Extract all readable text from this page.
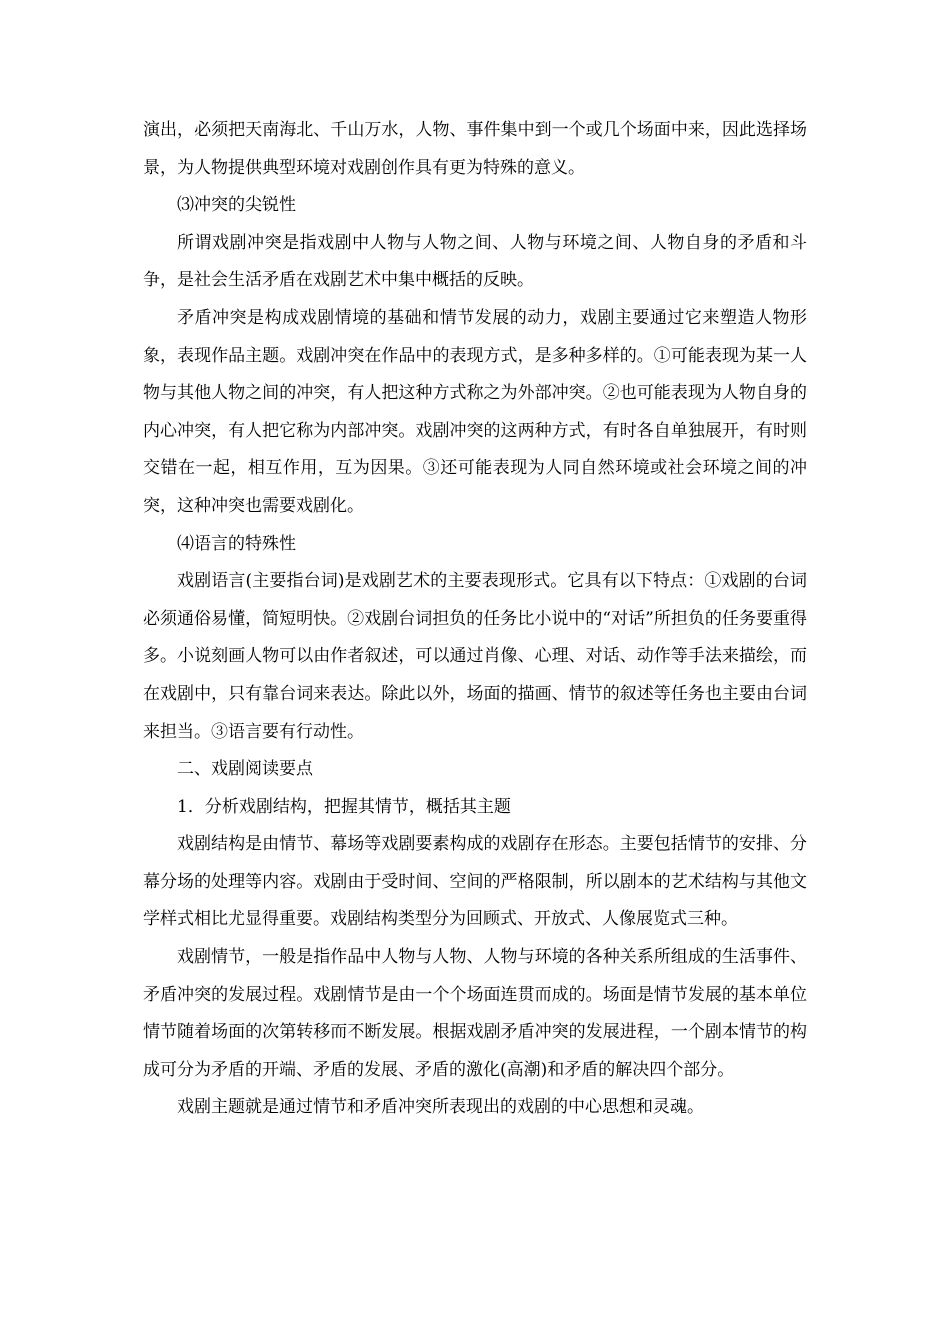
演出，必须把天南海北、千山万水，人物、事件集中到一个或几个场面中来，因此选择场景，为人物提供典型环境对戏剧创作具有更为特殊的意义。

⑶冲突的尖锐性

所谓戏剧冲突是指戏剧中人物与人物之间、人物与环境之间、人物自身的矛盾和斗争，是社会生活矛盾在戏剧艺术中集中概括的反映。

矛盾冲突是构成戏剧情境的基础和情节发展的动力，戏剧主要通过它来塑造人物形象，表现作品主题。戏剧冲突在作品中的表现方式，是多种多样的。①可能表现为某一人物与其他人物之间的冲突，有人把这种方式称之为外部冲突。②也可能表现为人物自身的内心冲突，有人把它称为内部冲突。戏剧冲突的这两种方式，有时各自单独展开，有时则交错在一起，相互作用，互为因果。③还可能表现为人同自然环境或社会环境之间的冲突，这种冲突也需要戏剧化。

⑷语言的特殊性

戏剧语言(主要指台词)是戏剧艺术的主要表现形式。它具有以下特点：①戏剧的台词必须通俗易懂，简短明快。②戏剧台词担负的任务比小说中的“对话”所担负的任务要重得多。小说刻画人物可以由作者叙述，可以通过肖像、心理、对话、动作等手法来描绘，而在戏剧中，只有靠台词来表达。除此以外，场面的描画、情节的叙述等任务也主要由台词来担当。③语言要有行动性。

二、戏剧阅读要点

1．分析戏剧结构，把握其情节，概括其主题

戏剧结构是由情节、幕场等戏剧要素构成的戏剧存在形态。主要包括情节的安排、分幕分场的处理等内容。戏剧由于受时间、空间的严格限制，所以剧本的艺术结构与其他文学样式相比尤显得重要。戏剧结构类型分为回顾式、开放式、人像展览式三种。

戏剧情节，一般是指作品中人物与人物、人物与环境的各种关系所组成的生活事件、矛盾冲突的发展过程。戏剧情节是由一个个场面连贯而成的。场面是情节发展的基本单位情节随着场面的次第转移而不断发展。根据戏剧矛盾冲突的发展进程，一个剧本情节的构成可分为矛盾的开端、矛盾的发展、矛盾的激化(高潮)和矛盾的解决四个部分。

戏剧主题就是通过情节和矛盾冲突所表现出的戏剧的中心思想和灵魂。
